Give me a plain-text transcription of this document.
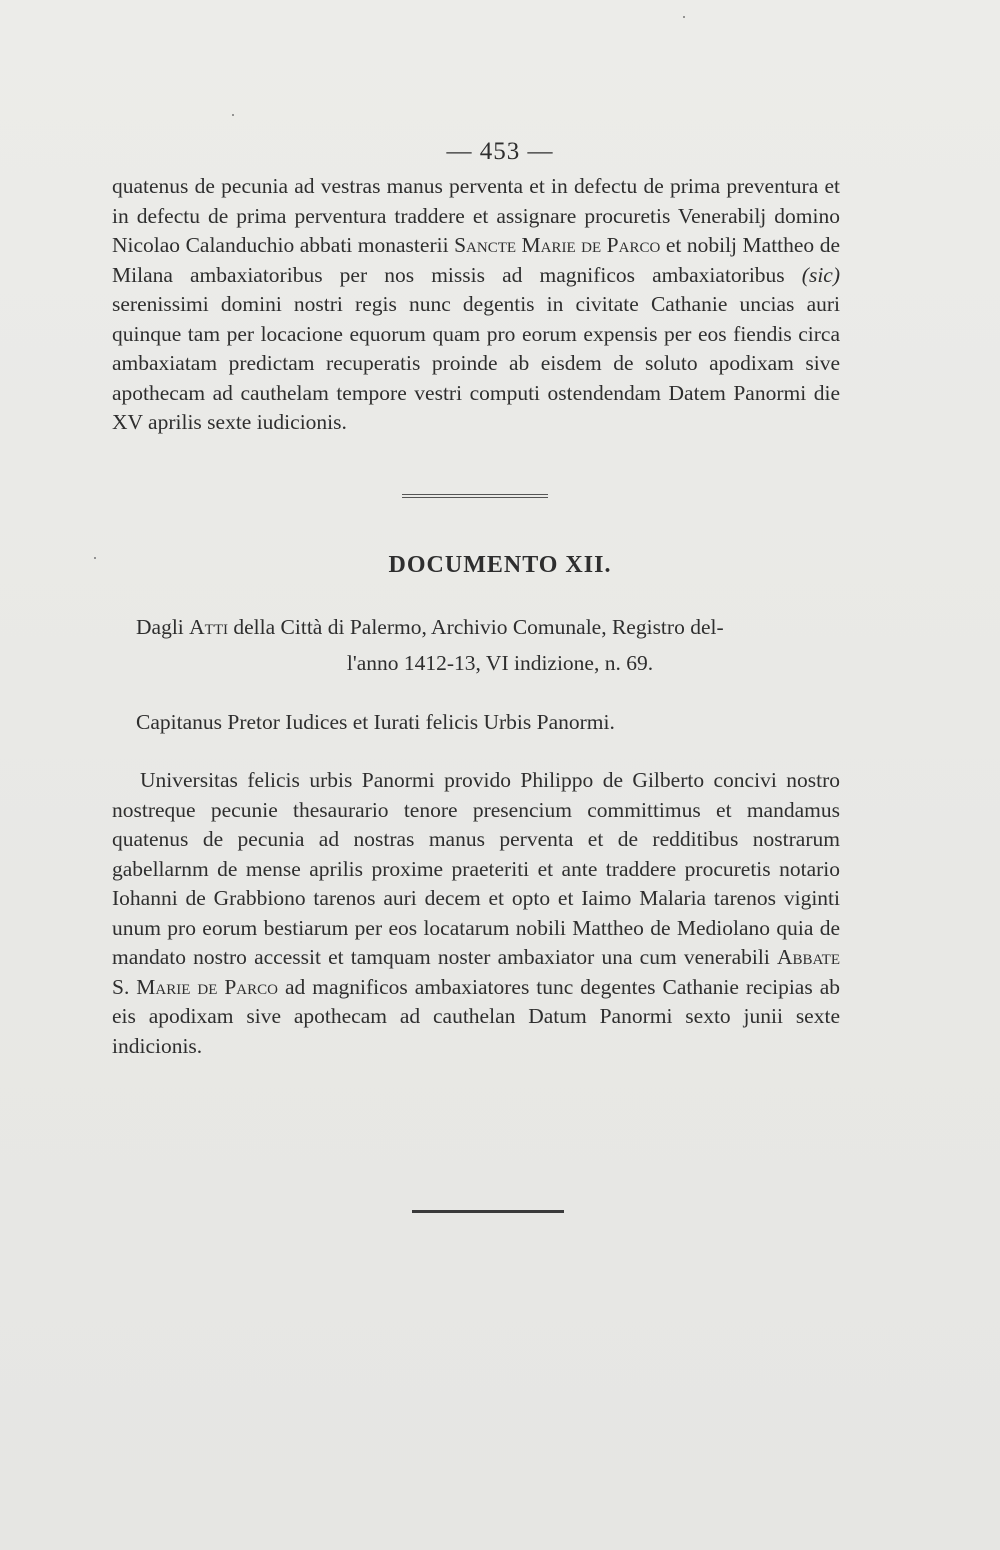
— 453 —

quatenus de pecunia ad vestras manus perventa et in defectu de prima preventura et in defectu de prima perventura traddere et assignare procuretis Venerabilj domino Nicolao Calanduchio abbati monasterii Sancte Marie de Parco et nobilj Mattheo de Milana ambaxiatoribus per nos missis ad magnificos ambaxiatoribus (sic) serenissimi domini nostri regis nunc degentis in civitate Cathanie uncias auri quinque tam per locacione equorum quam pro eorum expensis per eos fiendis circa ambaxiatam predictam recuperatis proinde ab eisdem de soluto apodixam sive apothecam ad cauthelam tempore vestri computi ostendendam Datem Panormi die XV aprilis sexte iudicionis.

DOCUMENTO XII.
Dagli Atti della Città di Palermo, Archivio Comunale, Registro del-
l'anno 1412-13, VI indizione, n. 69.
Capitanus Pretor Iudices et Iurati felicis Urbis Panormi.

Universitas felicis urbis Panormi provido Philippo de Gilberto concivi nostro nostreque pecunie thesaurario tenore presencium committimus et mandamus quatenus de pecunia ad nostras manus perventa et de redditibus nostrarum gabellarnm de mense aprilis proxime praeteriti et ante traddere procuretis notario Iohanni de Grabbiono tarenos auri decem et opto et Iaimo Malaria tarenos viginti unum pro eorum bestiarum per eos locatarum nobili Mattheo de Mediolano quia de mandato nostro accessit et tamquam noster ambaxiator una cum venerabili Abbate S. Marie de Parco ad magnificos ambaxiatores tunc degentes Cathanie recipias ab eis apodixam sive apothecam ad cauthelan Datum Panormi sexto junii sexte indicionis.
